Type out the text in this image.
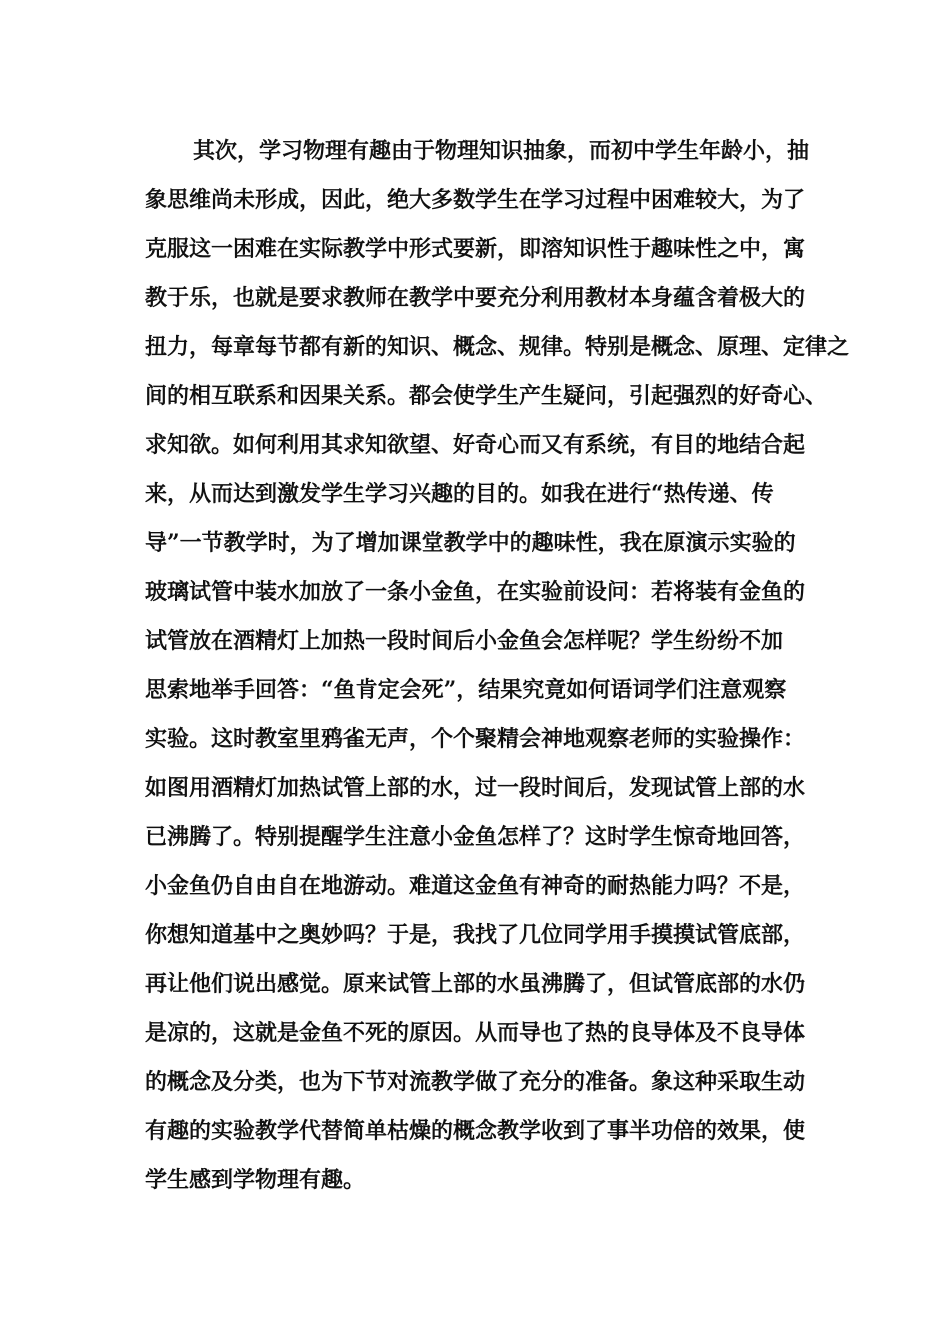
其次，学习物理有趣由于物理知识抽象，而初中学生年龄小，抽
象思维尚未形成，因此，绝大多数学生在学习过程中困难较大，为了
克服这一困难在实际教学中形式要新，即溶知识性于趣味性之中，寓
教于乐，也就是要求教师在教学中要充分利用教材本身蕴含着极大的
扭力，每章每节都有新的知识、概念、规律。特别是概念、原理、定律之
间的相互联系和因果关系。都会使学生产生疑问，引起强烈的好奇心、
求知欲。如何利用其求知欲望、好奇心而又有系统，有目的地结合起
来，从而达到激发学生学习兴趣的目的。如我在进行“热传递、传
导”一节教学时，为了增加课堂教学中的趣味性，我在原演示实验的
玻璃试管中装水加放了一条小金鱼，在实验前设问：若将装有金鱼的
试管放在酒精灯上加热一段时间后小金鱼会怎样呢？学生纷纷不加
思索地举手回答：“鱼肯定会死”，结果究竟如何语词学们注意观察
实验。这时教室里鸦雀无声，个个聚精会神地观察老师的实验操作：
如图用酒精灯加热试管上部的水，过一段时间后，发现试管上部的水
已沸腾了。特别提醒学生注意小金鱼怎样了？这时学生惊奇地回答，
小金鱼仍自由自在地游动。难道这金鱼有神奇的耐热能力吗？不是，
你想知道基中之奥妙吗？于是，我找了几位同学用手摸摸试管底部，
再让他们说出感觉。原来试管上部的水虽沸腾了，但试管底部的水仍
是凉的，这就是金鱼不死的原因。从而导也了热的良导体及不良导体
的概念及分类，也为下节对流教学做了充分的准备。象这种采取生动
有趣的实验教学代替简单枯燥的概念教学收到了事半功倍的效果，使
学生感到学物理有趣。
